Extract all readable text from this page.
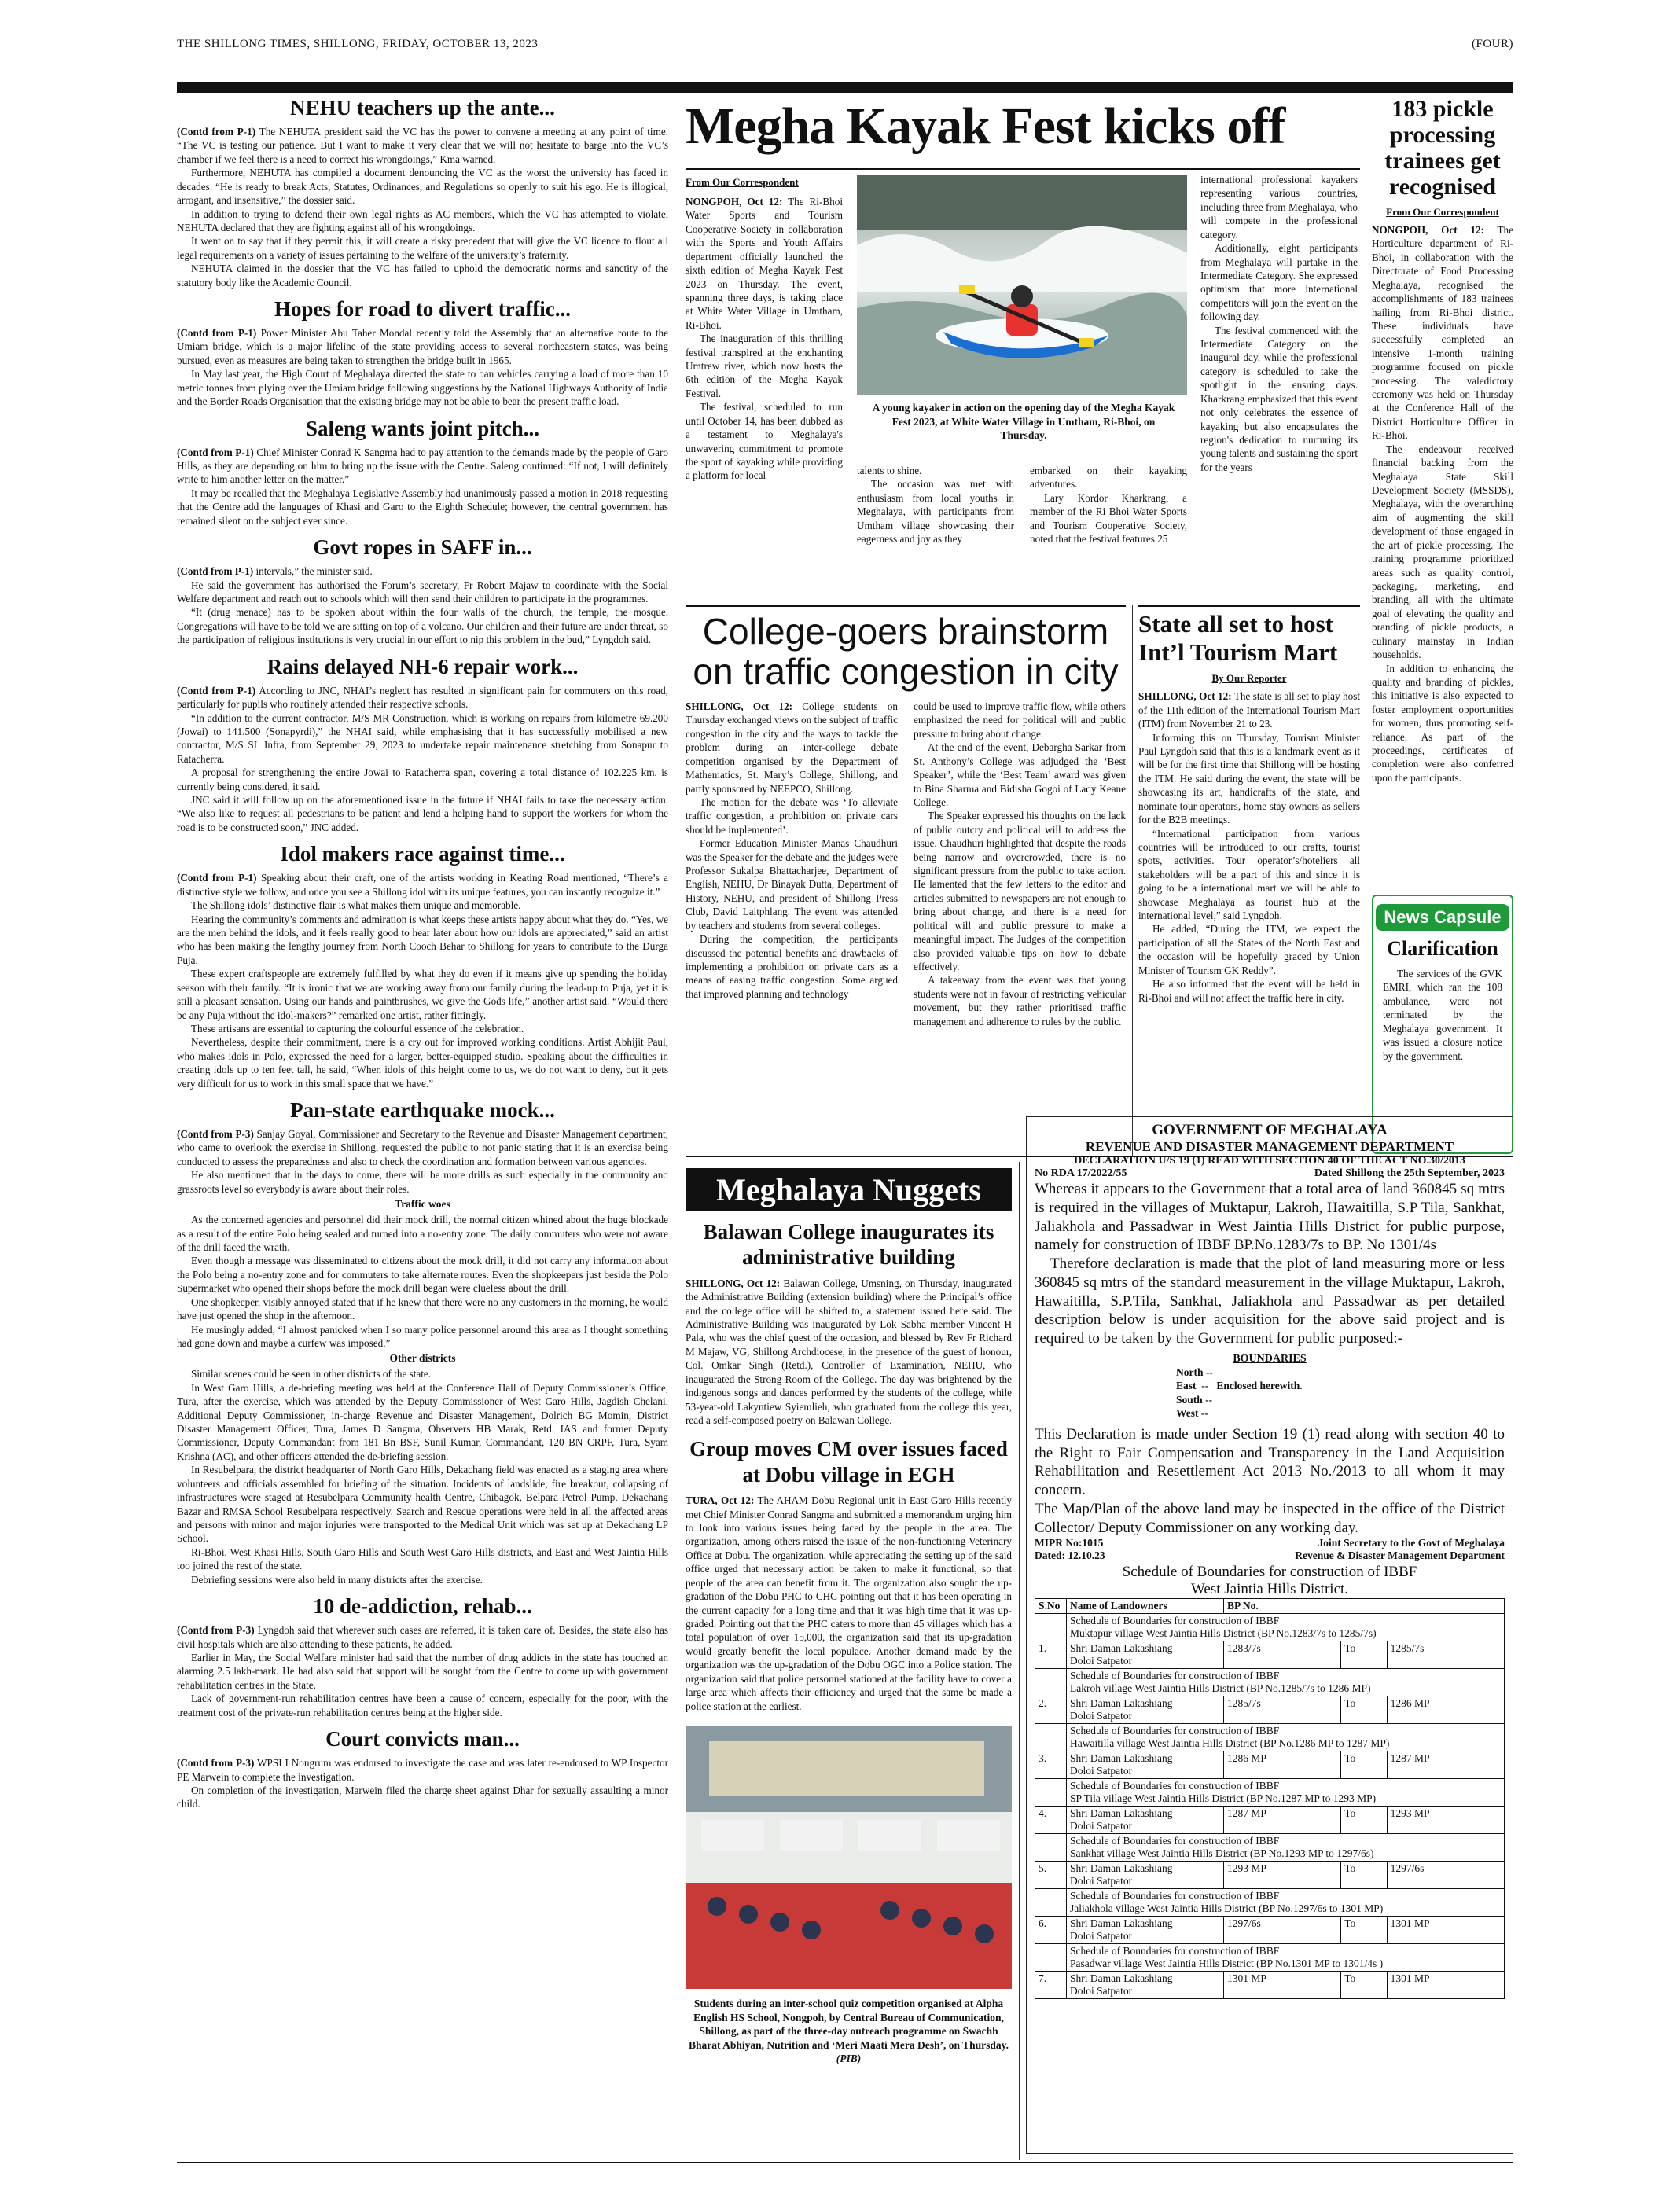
THE SHILLONG TIMES, SHILLONG, FRIDAY, OCTOBER 13, 2023	(FOUR)
NEHU teachers up the ante...
(Contd from P-1) The NEHUTA president said the VC has the power to convene a meeting at any point of time. “The VC is testing our patience. But I want to make it very clear that we will not hesitate to barge into the VC’s chamber if we feel there is a need to correct his wrongdoings,” Kma warned.
Furthermore, NEHUTA has compiled a document denouncing the VC as the worst the university has faced in decades. “He is ready to break Acts, Statutes, Ordinances, and Regulations so openly to suit his ego. He is illogical, arrogant, and insensitive,” the dossier said.
In addition to trying to defend their own legal rights as AC members, which the VC has attempted to violate, NEHUTA declared that they are fighting against all of his wrongdoings.
It went on to say that if they permit this, it will create a risky precedent that will give the VC licence to flout all legal requirements on a variety of issues pertaining to the welfare of the university’s fraternity.
NEHUTA claimed in the dossier that the VC has failed to uphold the democratic norms and sanctity of the statutory body like the Academic Council.
Hopes for road to divert traffic...
(Contd from P-1) Power Minister Abu Taher Mondal recently told the Assembly that an alternative route to the Umiam bridge, which is a major lifeline of the state providing access to several northeastern states, was being pursued, even as measures are being taken to strengthen the bridge built in 1965.
In May last year, the High Court of Meghalaya directed the state to ban vehicles carrying a load of more than 10 metric tonnes from plying over the Umiam bridge following suggestions by the National Highways Authority of India and the Border Roads Organisation that the existing bridge may not be able to bear the present traffic load.
Saleng wants joint pitch...
(Contd from P-1) Chief Minister Conrad K Sangma had to pay attention to the demands made by the people of Garo Hills, as they are depending on him to bring up the issue with the Centre. Saleng continued: “If not, I will definitely write to him another letter on the matter.”
It may be recalled that the Meghalaya Legislative Assembly had unanimously passed a motion in 2018 requesting that the Centre add the languages of Khasi and Garo to the Eighth Schedule; however, the central government has remained silent on the subject ever since.
Govt ropes in SAFF in...
(Contd from P-1) intervals,” the minister said.
He said the government has authorised the Forum’s secretary, Fr Robert Majaw to coordinate with the Social Welfare department and reach out to schools which will then send their children to participate in the programmes.
“It (drug menace) has to be spoken about within the four walls of the church, the temple, the mosque. Congregations will have to be told we are sitting on top of a volcano. Our children and their future are under threat, so the participation of religious institutions is very crucial in our effort to nip this problem in the bud,” Lyngdoh said.
Rains delayed NH-6 repair work...
(Contd from P-1) According to JNC, NHAI’s neglect has resulted in significant pain for commuters on this road, particularly for pupils who routinely attended their respective schools.
“In addition to the current contractor, M/S MR Construction, which is working on repairs from kilometre 69.200 (Jowai) to 141.500 (Sonapyrdi),” the NHAI said, while emphasising that it has successfully mobilised a new contractor, M/S SL Infra, from September 29, 2023 to undertake repair maintenance stretching from Sonapur to Ratacherra.
A proposal for strengthening the entire Jowai to Ratacherra span, covering a total distance of 102.225 km, is currently being considered, it said.
JNC said it will follow up on the aforementioned issue in the future if NHAI fails to take the necessary action. “We also like to request all pedestrians to be patient and lend a helping hand to support the workers for whom the road is to be constructed soon,” JNC added.
Idol makers race against time...
(Contd from P-1) Speaking about their craft, one of the artists working in Keating Road mentioned, “There’s a distinctive style we follow, and once you see a Shillong idol with its unique features, you can instantly recognize it.”
The Shillong idols’ distinctive flair is what makes them unique and memorable.
Hearing the community’s comments and admiration is what keeps these artists happy about what they do. “Yes, we are the men behind the idols, and it feels really good to hear later about how our idols are appreciated,” said an artist who has been making the lengthy journey from North Cooch Behar to Shillong for years to contribute to the Durga Puja.
These expert craftspeople are extremely fulfilled by what they do even if it means give up spending the holiday season with their family. “It is ironic that we are working away from our family during the lead-up to Puja, yet it is still a pleasant sensation. Using our hands and paintbrushes, we give the Gods life,” another artist said. “Would there be any Puja without the idol-makers?” remarked one artist, rather fittingly.
These artisans are essential to capturing the colourful essence of the celebration.
Nevertheless, despite their commitment, there is a cry out for improved working conditions. Artist Abhijit Paul, who makes idols in Polo, expressed the need for a larger, better-equipped studio. Speaking about the difficulties in creating idols up to ten feet tall, he said, “When idols of this height come to us, we do not want to deny, but it gets very difficult for us to work in this small space that we have.”
Pan-state earthquake mock...
(Contd from P-3) Sanjay Goyal, Commissioner and Secretary to the Revenue and Disaster Management department, who came to overlook the exercise in Shillong, requested the public to not panic stating that it is an exercise being conducted to assess the preparedness and also to check the coordination and formation between various agencies.
He also mentioned that in the days to come, there will be more drills as such especially in the community and grassroots level so everybody is aware about their roles.
Traffic woes
As the concerned agencies and personnel did their mock drill, the normal citizen whined about the huge blockade as a result of the entire Polo being sealed and turned into a no-entry zone. The daily commuters who were not aware of the drill faced the wrath.
Even though a message was disseminated to citizens about the mock drill, it did not carry any information about the Polo being a no-entry zone and for commuters to take alternate routes. Even the shopkeepers just beside the Polo Supermarket who opened their shops before the mock drill began were clueless about the drill.
One shopkeeper, visibly annoyed stated that if he knew that there were no any customers in the morning, he would have just opened the shop in the afternoon.
He musingly added, “I almost panicked when I so many police personnel around this area as I thought something had gone down and maybe a curfew was imposed.”
Other districts
Similar scenes could be seen in other districts of the state.
In West Garo Hills, a de-briefing meeting was held at the Conference Hall of Deputy Commissioner’s Office, Tura, after the exercise, which was attended by the Deputy Commissioner of West Garo Hills, Jagdish Chelani, Additional Deputy Commissioner, in-charge Revenue and Disaster Management, Dolrich BG Momin, District Disaster Management Officer, Tura, James D Sangma, Observers HB Marak, Retd. IAS and former Deputy Commissioner, Deputy Commandant from 181 Bn BSF, Sunil Kumar, Commandant, 120 BN CRPF, Tura, Syam Krishna (AC), and other officers attended the de-briefing session.
In Resubelpara, the district headquarter of North Garo Hills, Dekachang field was enacted as a staging area where volunteers and officials assembled for briefing of the situation. Incidents of landslide, fire breakout, collapsing of infrastructures were staged at Resubelpara Community health Centre, Chibagok, Belpara Petrol Pump, Dekachang Bazar and RMSA School Resubelpara respectively. Search and Rescue operations were held in all the affected areas and persons with minor and major injuries were transported to the Medical Unit which was set up at Dekachang LP School.
Ri-Bhoi, West Khasi Hills, South Garo Hills and South West Garo Hills districts, and East and West Jaintia Hills too joined the rest of the state.
Debriefing sessions were also held in many districts after the exercise.
10 de-addiction, rehab...
(Contd from P-3) Lyngdoh said that wherever such cases are referred, it is taken care of. Besides, the state also has civil hospitals which are also attending to these patients, he added.
Earlier in May, the Social Welfare minister had said that the number of drug addicts in the state has touched an alarming 2.5 lakh-mark. He had also said that support will be sought from the Centre to come up with government rehabilitation centres in the State.
Lack of government-run rehabilitation centres have been a cause of concern, especially for the poor, with the treatment cost of the private-run rehabilitation centres being at the higher side.
Court convicts man...
(Contd from P-3) WPSI I Nongrum was endorsed to investigate the case and was later re-endorsed to WP Inspector PE Marwein to complete the investigation.
On completion of the investigation, Marwein filed the charge sheet against Dhar for sexually assaulting a minor child.
Megha Kayak Fest kicks off
From Our Correspondent
NONGPOH, Oct 12: The Ri-Bhoi Water Sports and Tourism Cooperative Society in collaboration with the Sports and Youth Affairs department officially launched the sixth edition of Megha Kayak Fest 2023 on Thursday. The event, spanning three days, is taking place at White Water Village in Umtham, Ri-Bhoi.
The inauguration of this thrilling festival transpired at the enchanting Umtrew river, which now hosts the 6th edition of the Megha Kayak Festival.
The festival, scheduled to run until October 14, has been dubbed as a testament to Meghalaya's unwavering commitment to promote the sport of kayaking while providing a platform for local
A young kayaker in action on the opening day of the Megha Kayak Fest 2023, at White Water Village in Umtham, Ri-Bhoi, on Thursday.
international professional kayakers representing various countries, including three from Meghalaya, who will compete in the professional category.
Additionally, eight participants from Meghalaya will partake in the Intermediate Category. She expressed optimism that more international competitors will join the event on the following day.
The festival commenced with the Intermediate Category on the inaugural day, while the professional category is scheduled to take the spotlight in the ensuing days. Kharkrang emphasized that this event not only celebrates the essence of kayaking but also encapsulates the region's dedication to nurturing its young talents and sustaining the sport for the years
talents to shine.
The occasion was met with enthusiasm from local youths in Meghalaya, with participants from Umtham village showcasing their eagerness and joy as they
embarked on their kayaking adventures.
Lary Kordor Kharkrang, a member of the Ri Bhoi Water Sports and Tourism Cooperative Society, noted that the festival features 25
183 pickle processing trainees get recognised
From Our Correspondent
NONGPOH, Oct 12: The Horticulture department of Ri-Bhoi, in collaboration with the Directorate of Food Processing Meghalaya, recognised the accomplishments of 183 trainees hailing from Ri-Bhoi district. These individuals have successfully completed an intensive 1-month training programme focused on pickle processing. The valedictory ceremony was held on Thursday at the Conference Hall of the District Horticulture Officer in Ri-Bhoi.
The endeavour received financial backing from the Meghalaya State Skill Development Society (MSSDS), Meghalaya, with the overarching aim of augmenting the skill development of those engaged in the art of pickle processing. The training programme prioritized areas such as quality control, packaging, marketing, and branding, all with the ultimate goal of elevating the quality and branding of pickle products, a culinary mainstay in Indian households.
In addition to enhancing the quality and branding of pickles, this initiative is also expected to foster employment opportunities for women, thus promoting self-reliance. As part of the proceedings, certificates of completion were also conferred upon the participants.
News Capsule
Clarification
The services of the GVK EMRI, which ran the 108 ambulance, were not terminated by the Meghalaya government. It was issued a closure notice by the government.
College-goers brainstorm on traffic congestion in city
SHILLONG, Oct 12: College students on Thursday exchanged views on the subject of traffic congestion in the city and the ways to tackle the problem during an inter-college debate competition organised by the Department of Mathematics, St. Mary’s College, Shillong, and partly sponsored by NEEPCO, Shillong.
The motion for the debate was ‘To alleviate traffic congestion, a prohibition on private cars should be implemented’.
Former Education Minister Manas Chaudhuri was the Speaker for the debate and the judges were Professor Sukalpa Bhattacharjee, Department of English, NEHU, Dr Binayak Dutta, Department of History, NEHU, and president of Shillong Press Club, David Laitphlang. The event was attended by teachers and students from several colleges.
During the competition, the participants discussed the potential benefits and drawbacks of implementing a prohibition on private cars as a means of easing traffic congestion. Some argued that improved planning and technology
could be used to improve traffic flow, while others emphasized the need for political will and public pressure to bring about change.
At the end of the event, Debargha Sarkar from St. Anthony’s College was adjudged the ‘Best Speaker’, while the ‘Best Team’ award was given to Bina Sharma and Bidisha Gogoi of Lady Keane College.
The Speaker expressed his thoughts on the lack of public outcry and political will to address the issue. Chaudhuri highlighted that despite the roads being narrow and overcrowded, there is no significant pressure from the public to take action. He lamented that the few letters to the editor and articles submitted to newspapers are not enough to bring about change, and there is a need for political will and public pressure to make a meaningful impact. The Judges of the competition also provided valuable tips on how to debate effectively.
A takeaway from the event was that young students were not in favour of restricting vehicular movement, but they rather prioritised traffic management and adherence to rules by the public.
State all set to host Int’l Tourism Mart
By Our Reporter
SHILLONG, Oct 12: The state is all set to play host of the 11th edition of the International Tourism Mart (ITM) from November 21 to 23.
Informing this on Thursday, Tourism Minister Paul Lyngdoh said that this is a landmark event as it will be for the first time that Shillong will be hosting the ITM. He said during the event, the state will be showcasing its art, handicrafts of the state, and nominate tour operators, home stay owners as sellers for the B2B meetings.
“International participation from various countries will be introduced to our crafts, tourist spots, activities. Tour operator’s/hoteliers all stakeholders will be a part of this and since it is going to be a international mart we will be able to showcase Meghalaya as tourist hub at the international level,” said Lyngdoh.
He added, “During the ITM, we expect the participation of all the States of the North East and the occasion will be hopefully graced by Union Minister of Tourism GK Reddy”.
He also informed that the event will be held in Ri-Bhoi and will not affect the traffic here in city.
Meghalaya Nuggets
Balawan College inaugurates its administrative building
SHILLONG, Oct 12: Balawan College, Umsning, on Thursday, inaugurated the Administrative Building (extension building) where the Principal’s office and the college office will be shifted to, a statement issued here said. The Administrative Building was inaugurated by Lok Sabha member Vincent H Pala, who was the chief guest of the occasion, and blessed by Rev Fr Richard M Majaw, VG, Shillong Archdiocese, in the presence of the guest of honour, Col. Omkar Singh (Retd.), Controller of Examination, NEHU, who inaugurated the Strong Room of the College. The day was brightened by the indigenous songs and dances performed by the students of the college, while 53-year-old Lakyntiew Syiemlieh, who graduated from the college this year, read a self-composed poetry on Balawan College.
Group moves CM over issues faced at Dobu village in EGH
TURA, Oct 12: The AHAM Dobu Regional unit in East Garo Hills recently met Chief Minister Conrad Sangma and submitted a memorandum urging him to look into various issues being faced by the people in the area. The organization, among others raised the issue of the non-functioning Veterinary Office at Dobu. The organization, while appreciating the setting up of the said office urged that necessary action be taken to make it functional, so that people of the area can benefit from it. The organization also sought the up-gradation of the Dobu PHC to CHC pointing out that it has been operating in the current capacity for a long time and that it was high time that it was up-graded. Pointing out that the PHC caters to more than 45 villages which has a total population of over 15,000, the organization said that its up-gradation would greatly benefit the local populace. Another demand made by the organization was the up-gradation of the Dobu OGC into a Police station. The organization said that police personnel stationed at the facility have to cover a large area which affects their efficiency and urged that the same be made a police station at the earliest.
Students during an inter-school quiz competition organised at Alpha English HS School, Nongpoh, by Central Bureau of Communication, Shillong, as part of the three-day outreach programme on Swachh Bharat Abhiyan, Nutrition and ‘Meri Maati Mera Desh’, on Thursday. (PIB)
GOVERNMENT OF MEGHALAYA
REVENUE AND DISASTER MANAGEMENT DEPARTMENT
DECLARATION U/S 19 (1) READ WITH SECTION 40 OF THE ACT NO.30/2013
No RDA 17/2022/55	Dated Shillong the 25th September, 2023
Whereas it appears to the Government that a total area of land 360845 sq mtrs is required in the villages of Muktapur, Lakroh, Hawaitilla, S.P Tila, Sankhat, Jaliakhola and Passadwar in West Jaintia Hills District for public purpose, namely for construction of IBBF BP.No.1283/7s to BP. No 1301/4s
Therefore declaration is made that the plot of land measuring more or less 360845 sq mtrs of the standard measurement in the village Muktapur, Lakroh, Hawaitilla, S.P.Tila, Sankhat, Jaliakhola and Passadwar as per detailed description below is under acquisition for the above said project and is required to be taken by the Government for public purposed:-
BOUNDARIES
North --
East  --   Enclosed herewith.
South --
West --
This Declaration is made under Section 19 (1) read along with section 40 to the Right to Fair Compensation and Transparency in the Land Acquisition Rehabilitation and Resettlement Act 2013 No./2013 to all whom it may concern.
The Map/Plan of the above land may be inspected in the office of the District Collector/ Deputy Commissioner on any working day.
MIPR No:1015	Joint Secretary to the Govt of Meghalaya
Dated: 12.10.23	Revenue & Disaster Management Department
Schedule of Boundaries for construction of IBBF
West Jaintia Hills District.
S.No	Name of Landowners	BP No.		

	Schedule of Boundaries for construction of IBBF
Muktapur village West Jaintia Hills District (BP No.1283/7s to 1285/7s)			

1.	Shri Daman Lakashiang
Doloi Satpator	1283/7s	To	1285/7s

	Schedule of Boundaries for construction of IBBF
Lakroh village West Jaintia Hills District (BP No.1285/7s to 1286 MP)			

2.	Shri Daman Lakashiang
Doloi Satpator	1285/7s	To	1286 MP

	Schedule of Boundaries for construction of IBBF
Hawaitilla village West Jaintia Hills District (BP No.1286 MP to 1287 MP)			

3.	Shri Daman Lakashiang
Doloi Satpator	1286 MP	To	1287 MP

	Schedule of Boundaries for construction of IBBF
SP Tila village West Jaintia Hills District (BP No.1287 MP to 1293 MP)			

4.	Shri Daman Lakashiang
Doloi Satpator	1287 MP	To	1293 MP

	Schedule of Boundaries for construction of IBBF
Sankhat village West Jaintia Hills District (BP No.1293 MP to 1297/6s)			

5.	Shri Daman Lakashiang
Doloi Satpator	1293 MP	To	1297/6s

	Schedule of Boundaries for construction of IBBF
Jaliakhola village West Jaintia Hills District (BP No.1297/6s to 1301 MP)			

6.	Shri Daman Lakashiang
Doloi Satpator	1297/6s	To	1301 MP

	Schedule of Boundaries for construction of IBBF
Pasadwar village West Jaintia Hills District (BP No.1301 MP to 1301/4s )			

7.	Shri Daman Lakashiang
Doloi Satpator	1301 MP	To	1301 MP
